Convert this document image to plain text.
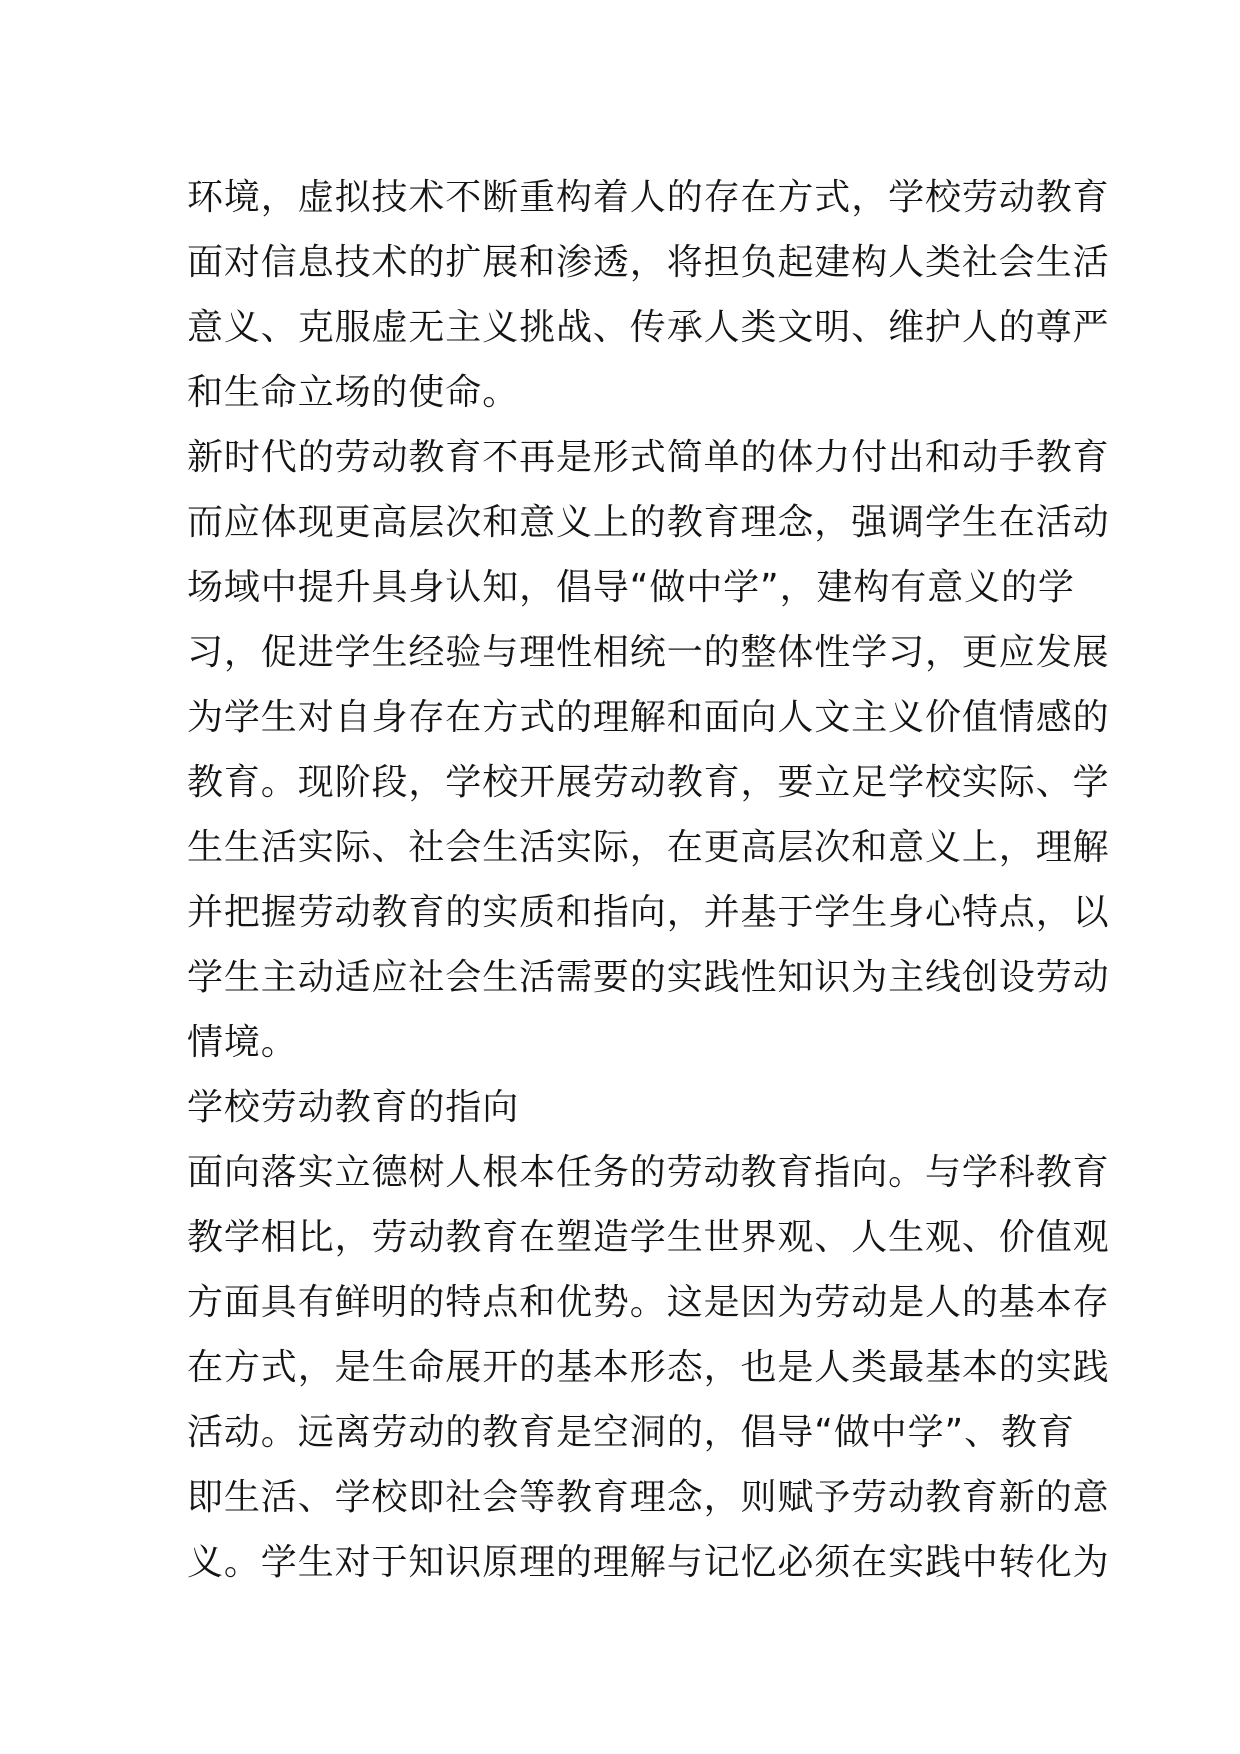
环境，虚拟技术不断重构着人的存在方式，学校劳动教育
面对信息技术的扩展和渗透，将担负起建构人类社会生活
意义、克服虚无主义挑战、传承人类文明、维护人的尊严
和生命立场的使命。
新时代的劳动教育不再是形式简单的体力付出和动手教育
而应体现更高层次和意义上的教育理念，强调学生在活动
场域中提升具身认知，倡导“做中学”，建构有意义的学
习，促进学生经验与理性相统一的整体性学习，更应发展
为学生对自身存在方式的理解和面向人文主义价值情感的
教育。现阶段，学校开展劳动教育，要立足学校实际、学
生生活实际、社会生活实际，在更高层次和意义上，理解
并把握劳动教育的实质和指向，并基于学生身心特点，以
学生主动适应社会生活需要的实践性知识为主线创设劳动
情境。
学校劳动教育的指向
面向落实立德树人根本任务的劳动教育指向。与学科教育
教学相比，劳动教育在塑造学生世界观、人生观、价值观
方面具有鲜明的特点和优势。这是因为劳动是人的基本存
在方式，是生命展开的基本形态，也是人类最基本的实践
活动。远离劳动的教育是空洞的，倡导“做中学”、教育
即生活、学校即社会等教育理念，则赋予劳动教育新的意
义。学生对于知识原理的理解与记忆必须在实践中转化为
